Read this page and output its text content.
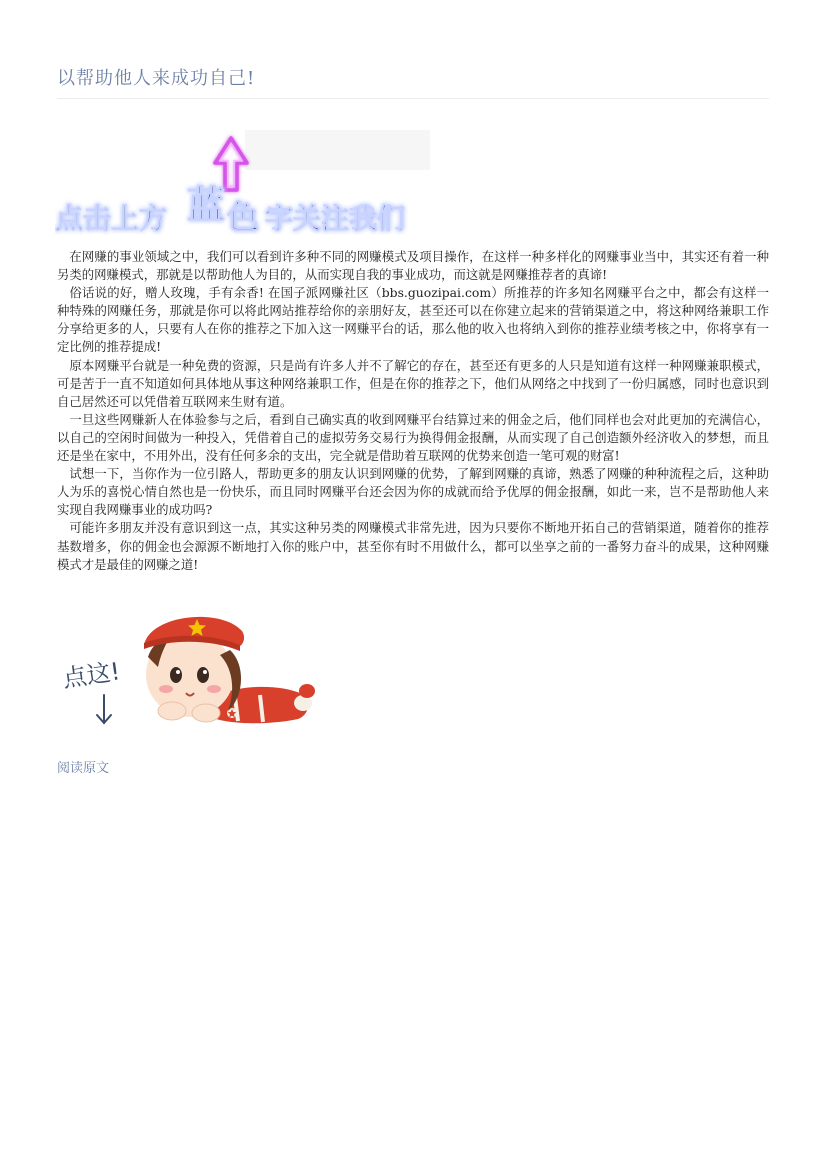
以帮助他人来成功自己!
点击上方 蓝 色 字关注我们

在网赚的事业领域之中，我们可以看到许多种不同的网赚模式及项目操作，在这样一种多样化的网赚事业当中，其实还有着一种另类的网赚模式，那就是以帮助他人为目的，从而实现自我的事业成功，而这就是网赚推荐者的真谛!

俗话说的好，赠人玫瑰，手有余香! 在国子派网赚社区（bbs.guozipai.com）所推荐的许多知名网赚平台之中，都会有这样一种特殊的网赚任务，那就是你可以将此网站推荐给你的亲朋好友，甚至还可以在你建立起来的营销渠道之中，将这种网络兼职工作分享给更多的人，只要有人在你的推荐之下加入这一网赚平台的话，那么他的收入也将纳入到你的推荐业绩考核之中，你将享有一定比例的推荐提成!

原本网赚平台就是一种免费的资源，只是尚有许多人并不了解它的存在，甚至还有更多的人只是知道有这样一种网赚兼职模式，可是苦于一直不知道如何具体地从事这种网络兼职工作，但是在你的推荐之下，他们从网络之中找到了一份归属感，同时也意识到自己居然还可以凭借着互联网来生财有道。

一旦这些网赚新人在体验参与之后，看到自己确实真的收到网赚平台结算过来的佣金之后，他们同样也会对此更加的充满信心，以自己的空闲时间做为一种投入，凭借着自己的虚拟劳务交易行为换得佣金报酬，从而实现了自己创造额外经济收入的梦想，而且还是坐在家中，不用外出，没有任何多余的支出，完全就是借助着互联网的优势来创造一笔可观的财富!

试想一下，当你作为一位引路人，帮助更多的朋友认识到网赚的优势，了解到网赚的真谛，熟悉了网赚的种种流程之后，这种助人为乐的喜悦心情自然也是一份快乐，而且同时网赚平台还会因为你的成就而给予优厚的佣金报酬，如此一来，岂不是帮助他人来实现自我网赚事业的成功吗?

可能许多朋友并没有意识到这一点，其实这种另类的网赚模式非常先进，因为只要你不断地开拓自己的营销渠道，随着你的推荐基数增多，你的佣金也会源源不断地打入你的账户中，甚至你有时不用做什么，都可以坐享之前的一番努力奋斗的成果，这种网赚模式才是最佳的网赚之道!

点这!
阅读原文
